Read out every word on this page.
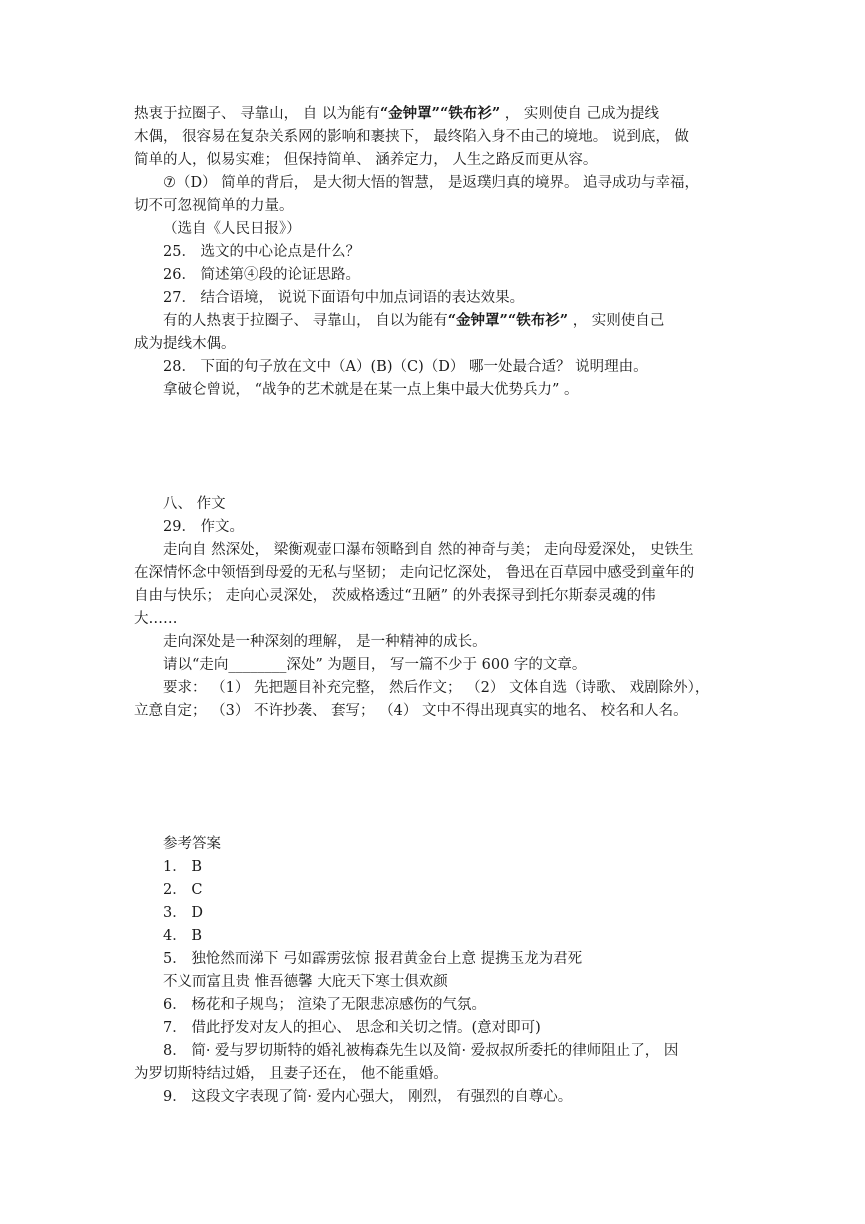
热衷于拉圈子、 寻靠山， 自 以为能有“金钟罩”“铁布衫” ， 实则使自 己成为提线
木偶， 很容易在复杂关系网的影响和裹挟下， 最终陷入身不由己的境地。 说到底， 做
简单的人，似易实难； 但保持简单、 涵养定力， 人生之路反而更从容。
⑦（D） 简单的背后， 是大彻大悟的智慧， 是返璞归真的境界。 追寻成功与幸福，
切不可忽视简单的力量。
（选自《人民日报》）
25． 选文的中心论点是什么？
26． 简述第④段的论证思路。
27． 结合语境， 说说下面语句中加点词语的表达效果。
有的人热衷于拉圈子、 寻靠山， 自以为能有“金钟罩”“铁布衫” ， 实则使自己
成为提线木偶。
28． 下面的句子放在文中（A）(B)（C)（D） 哪一处最合适？ 说明理由。
拿破仑曾说， “战争的艺术就是在某一点上集中最大优势兵力” 。
八、 作文
29． 作文。
走向自 然深处， 梁衡观壶口瀑布领略到自 然的神奇与美； 走向母爱深处， 史铁生
在深情怀念中领悟到母爱的无私与坚韧； 走向记忆深处， 鲁迅在百草园中感受到童年的
自由与快乐； 走向心灵深处， 茨威格透过“丑陋” 的外表探寻到托尔斯泰灵魂的伟
大……
走向深处是一种深刻的理解， 是一种精神的成长。
请以“走向________深处” 为题目， 写一篇不少于 600 字的文章。
要求： （1） 先把题目补充完整， 然后作文； （2） 文体自选（诗歌、 戏剧除外），
立意自定； （3） 不许抄袭、 套写； （4） 文中不得出现真实的地名、 校名和人名。
参考答案
1． B
2． C
3． D
4． B
5． 独怆然而涕下 弓如霹雳弦惊 报君黄金台上意 提携玉龙为君死
不义而富且贵 惟吾德馨 大庇天下寒士俱欢颜
6． 杨花和子规鸟； 渲染了无限悲凉感伤的气氛。
7． 借此抒发对友人的担心、 思念和关切之情。(意对即可)
8． 简· 爱与罗切斯特的婚礼被梅森先生以及简· 爱叔叔所委托的律师阻止了， 因
为罗切斯特结过婚， 且妻子还在， 他不能重婚。
9． 这段文字表现了简· 爱内心强大， 刚烈， 有强烈的自尊心。
